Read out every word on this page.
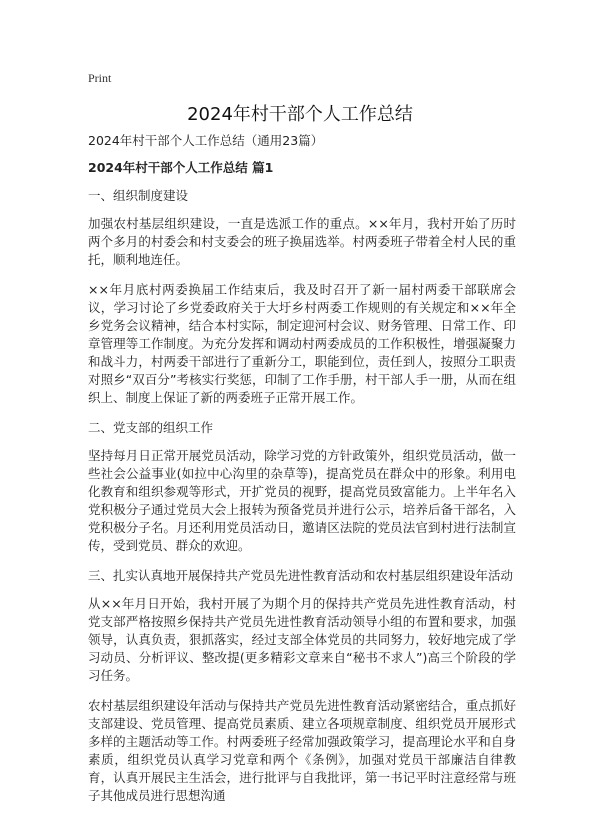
Print
2024年村干部个人工作总结

2024年村干部个人工作总结（通用23篇）

2024年村干部个人工作总结 篇1

一、组织制度建设

加强农村基层组织建设，一直是选派工作的重点。××年月，我村开始了历时两个多月的村委会和村支委会的班子换届选举。村两委班子带着全村人民的重托，顺利地连任。

××年月底村两委换届工作结束后，我及时召开了新一届村两委干部联席会议，学习讨论了乡党委政府关于大圩乡村两委工作规则的有关规定和××年全乡党务会议精神，结合本村实际，制定迎河村会议、财务管理、日常工作、印章管理等工作制度。为充分发挥和调动村两委成员的工作积极性，增强凝聚力和战斗力，村两委干部进行了重新分工，职能到位，责任到人，按照分工职责对照乡“双百分”考核实行奖惩，印制了工作手册，村干部人手一册，从而在组织上、制度上保证了新的两委班子正常开展工作。

二、党支部的组织工作

坚持每月日正常开展党员活动，除学习党的方针政策外，组织党员活动，做一些社会公益事业(如拉中心沟里的杂草等)，提高党员在群众中的形象。利用电化教育和组织参观等形式，开扩党员的视野，提高党员致富能力。上半年名入党积极分子通过党员大会上报转为预备党员并进行公示，培养后备干部名，入党积极分子名。月还利用党员活动日，邀请区法院的党员法官到村进行法制宣传，受到党员、群众的欢迎。

三、扎实认真地开展保持共产党员先进性教育活动和农村基层组织建设年活动

从××年月日开始，我村开展了为期个月的保持共产党员先进性教育活动，村党支部严格按照乡保持共产党员先进性教育活动领导小组的布置和要求，加强领导，认真负责，狠抓落实，经过支部全体党员的共同努力，较好地完成了学习动员、分析评议、整改提(更多精彩文章来自“秘书不求人”)高三个阶段的学习任务。

农村基层组织建设年活动与保持共产党员先进性教育活动紧密结合，重点抓好支部建设、党员管理、提高党员素质、建立各项规章制度、组织党员开展形式多样的主题活动等工作。村两委班子经常加强政策学习，提高理论水平和自身素质，组织党员认真学习党章和两个《条例》，加强对党员干部廉洁自律教育，认真开展民主生活会，进行批评与自我批评，第一书记平时注意经常与班子其他成员进行思想沟通
